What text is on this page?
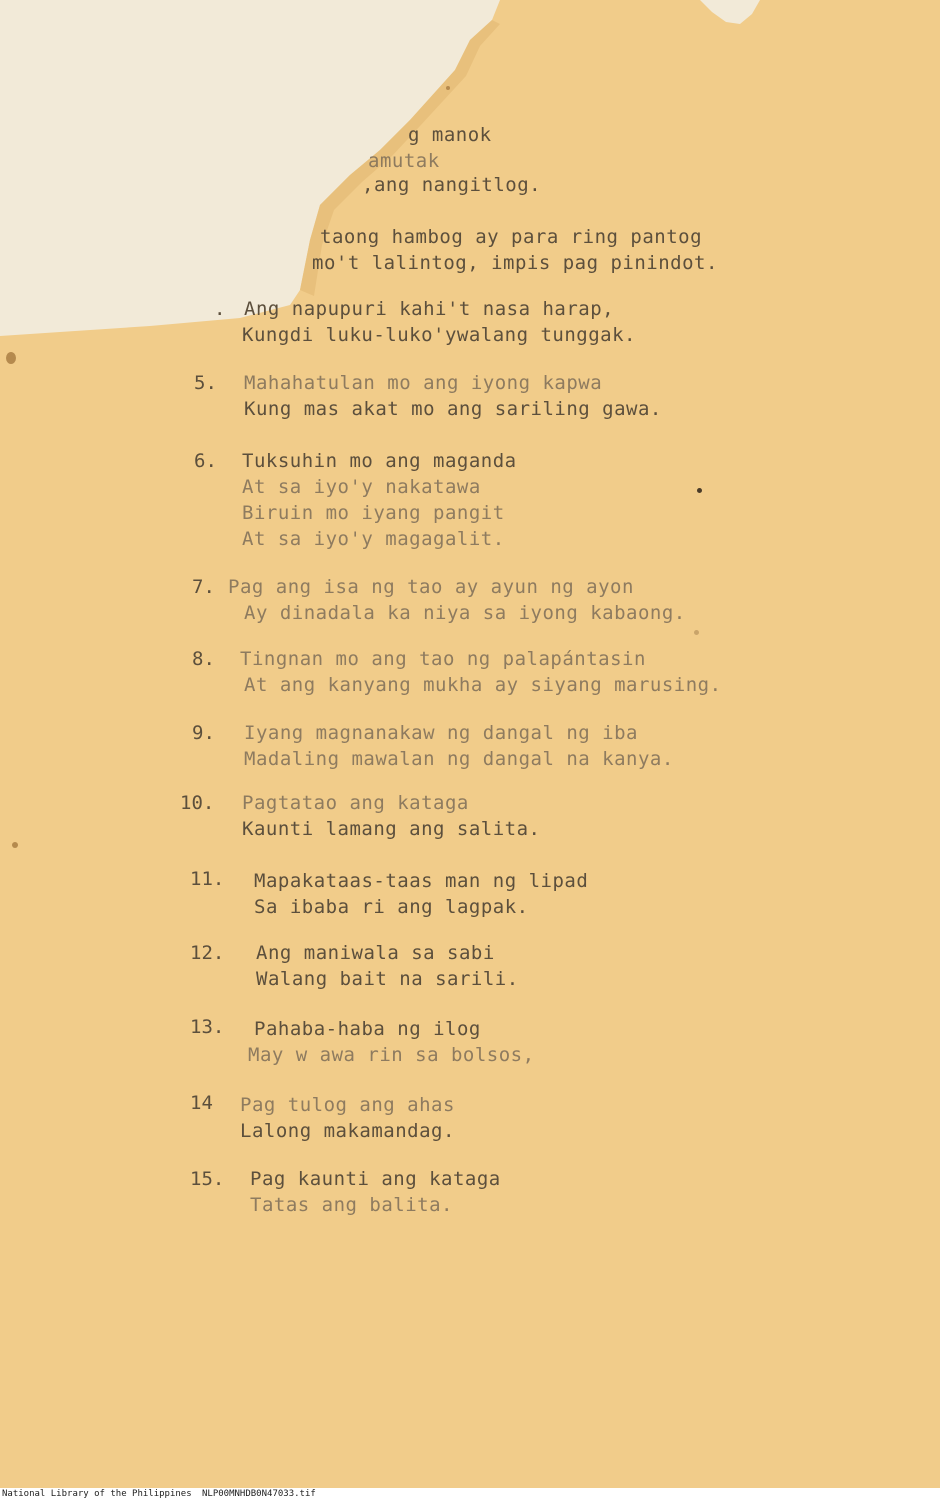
g manok
amutak
,ang nangitlog.
taong hambog ay para ring pantog
mo't lalintog, impis pag pinindot.
. Ang napupuri kahi't nasa harap,
Kungdi luku-luko'ywalang tunggak.
5. Mahahatulan mo ang iyong kapwa
Kung mas akat mo ang sariling gawa.
6. Tuksuhin mo ang maganda
At sa iyo'y nakatawa
Biruin mo iyang pangit
At sa iyo'y magagalit.
7. Pag ang isa ng tao ay ayun ng ayon
Ay dinadala ka niya sa iyong kabaong.
8. Tingnan mo ang tao ng palapántasin
At ang kanyang mukha ay siyang marusing.
9. Iyang magnanakaw ng dangal ng iba
Madaling mawalan ng dangal na kanya.
10. Pagtatao ang kataga
Kaunti lamang ang salita.
11. Mapakataas-taas man ng lipad
Sa ibaba ri ang lagpak.
12. Ang maniwala sa sabi
Walang bait na sarili.
13. Pahaba-haba ng ilog
May w awa rin sa bolsos,
14 Pag tulog ang ahas
Lalong makamandag.
15. Pag kaunti ang kataga
Tatas ang balita.
National Library of the Philippines NLP00MNHDB0N47033.tif
